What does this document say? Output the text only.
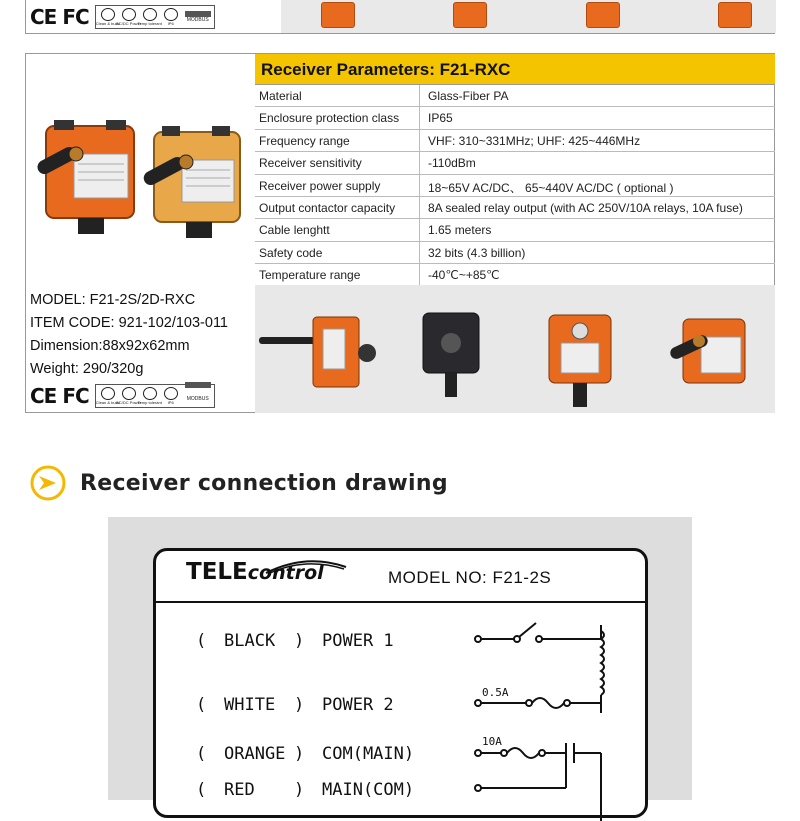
CE FC Clean & build
AC/DC Power
Temp tolerant IP6
MODBUS
Receiver Parameters: F21-RXC
Material	Glass-Fiber PA
Enclosure protection class	IP65
Frequency range	VHF: 310~331MHz; UHF: 425~446MHz
Receiver sensitivity	-110dBm
Receiver power supply	18~65V AC/DC、 65~440V AC/DC ( optional )
Output contactor capacity	8A sealed relay output (with AC 250V/10A relays, 10A fuse)
Cable lenghtt	1.65 meters
Safety code	32 bits (4.3 billion)
Temperature range	-40℃~+85℃
MODEL: F21-2S/2D-RXC
ITEM CODE: 921-102/103-011
Dimension:88x92x62mm
Weight: 290/320g
CE FC Clean & build
AC/DC Power
Temp tolerant IP6
MODBUS
Receiver connection drawing
TELEcontrol	MODEL NO: F21-2S
(	BLACK	)	POWER 1
(	WHITE	)	POWER 2
(	ORANGE )	COM(MAIN)
(	RED	)	MAIN(COM)
0.5A
10A
